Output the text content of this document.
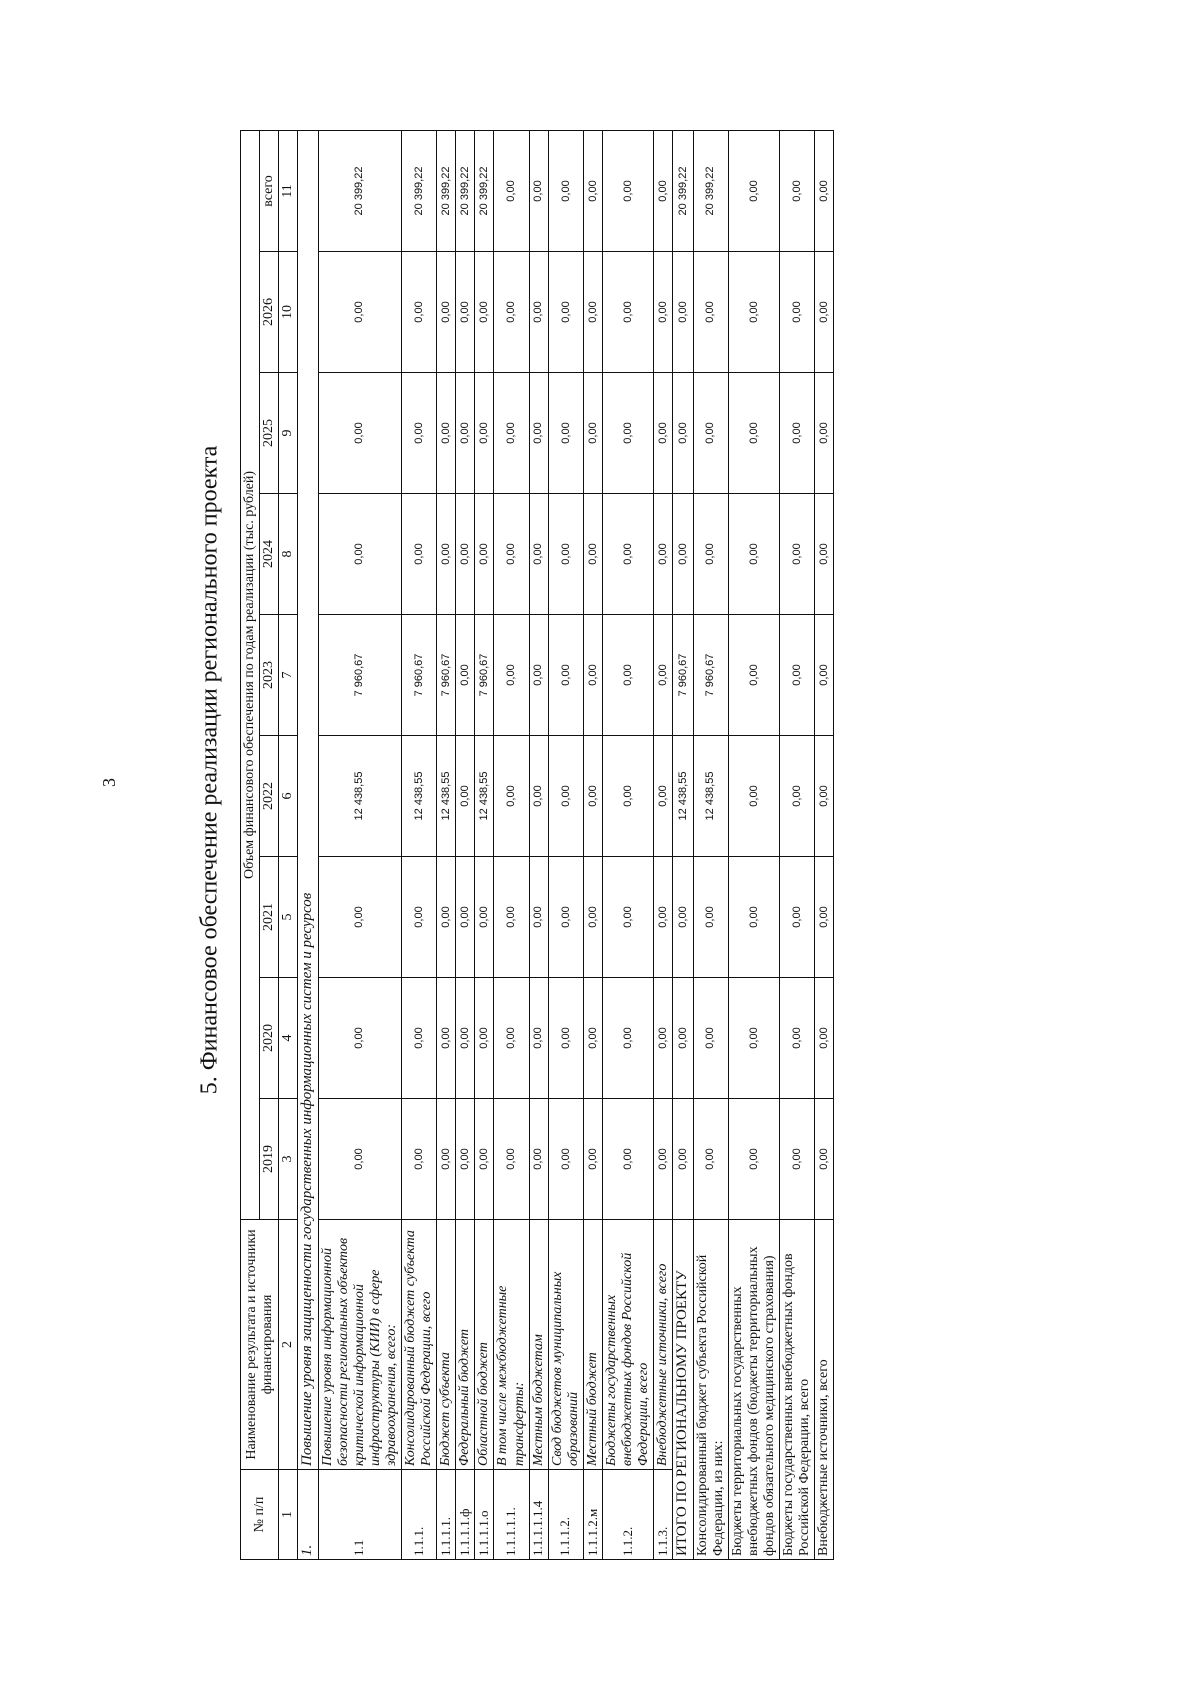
3	5. Финансовое обеспечение реализации регионального проекта
№ п/п	Наименование результата и источники финансирования	Объем финансового обеспечения по годам реализации (тыс. рублей)								
		2019	2020	2021	2022	2023	2024	2025	2026	всего
1	2	3	4	5	6	7	8	9	10	11
1.	Повышение уровня защищенности государственных информационных систем и ресурсов									
1.1	Повышение уровня информационной безопасности региональных объектов критической информационной инфраструктуры (КИИ) в сфере здравоохранения, всего:	0,00	0,00	0,00	12 438,55	7 960,67	0,00	0,00	0,00	20 399,22
1.1.1.	Консолидированный бюджет субъекта Российской Федерации, всего	0,00	0,00	0,00	12 438,55	7 960,67	0,00	0,00	0,00	20 399,22
1.1.1.1.	Бюджет субъекта	0,00	0,00	0,00	12 438,55	7 960,67	0,00	0,00	0,00	20 399,22
1.1.1.1.ф	Федеральный бюджет	0,00	0,00	0,00	0,00	0,00	0,00	0,00	0,00	20 399,22
1.1.1.1.о	Областной бюджет	0,00	0,00	0,00	12 438,55	7 960,67	0,00	0,00	0,00	20 399,22
1.1.1.1.1.	В том числе межбюджетные трансферты:	0,00	0,00	0,00	0,00	0,00	0,00	0,00	0,00	0,00
1.1.1.1.1.4	Местным бюджетам	0,00	0,00	0,00	0,00	0,00	0,00	0,00	0,00	0,00
1.1.1.2.	Свод бюджетов муниципальных образований	0,00	0,00	0,00	0,00	0,00	0,00	0,00	0,00	0,00
1.1.1.2.м	Местный бюджет	0,00	0,00	0,00	0,00	0,00	0,00	0,00	0,00	0,00
1.1.2.	Бюджеты государственных внебюджетных фондов Российской Федерации, всего	0,00	0,00	0,00	0,00	0,00	0,00	0,00	0,00	0,00
1.1.3.	Внебюджетные источники, всего	0,00	0,00	0,00	0,00	0,00	0,00	0,00	0,00	0,00
ИТОГО ПО РЕГИОНАЛЬНОМУ ПРОЕКТУ		0,00	0,00	0,00	12 438,55	7 960,67	0,00	0,00	0,00	20 399,22
Консолидированный бюджет субъекта Российской Федерации, из них:		0,00	0,00	0,00	12 438,55	7 960,67	0,00	0,00	0,00	20 399,22
Бюджеты территориальных государственных внебюджетных фондов (бюджеты территориальных фондов обязательного медицинского страхования)		0,00	0,00	0,00	0,00	0,00	0,00	0,00	0,00	0,00
Бюджеты государственных внебюджетных фондов Российской Федерации, всего		0,00	0,00	0,00	0,00	0,00	0,00	0,00	0,00	0,00
Внебюджетные источники, всего		0,00	0,00	0,00	0,00	0,00	0,00	0,00	0,00	0,00
